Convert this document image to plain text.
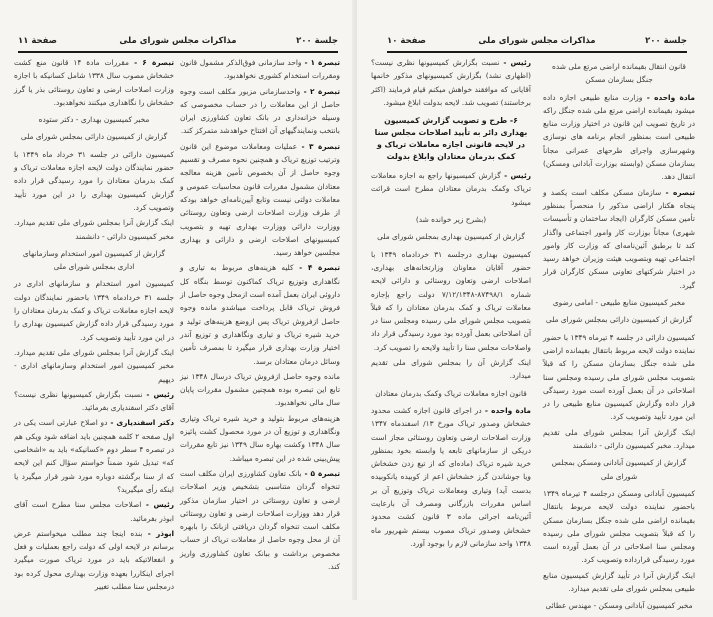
جلسة ۲۰۰
مذاکرات مجلس شورای ملی
صفحة ۱۱

تبصرة ۱ - واحد سازمانی فوق‌الذکر مشمول قانون ومقررات استخدام کشوری نخواهدبود.

تبصرة ۲ - واحدسازمانی مزبور مکلف است وجوه حاصل از این معاملات را در حساب مخصوصی که وسیله خزانه‌داری در بانک تعاون کشاورزی ایران بانتخب ونمایندگیهای آن افتتاح خواهدشد متمرکز کند.

تبصرة ۳ - عملیات ومعاملات موضوع این قانون وترتیب توزیع تریاک و همچنین نحوه مصرف و تقسیم وجوه حاصل از آن بخصوص تأمین هزینه معالجه معتادان مشمول مقررات قانون محاسبات عمومی و معاملات دولتی نیست وتابع آیین‌نامه‌ای خواهد بودکه از طرف وزارت اصلاحات ارضی وتعاون روستائی ووزارت دارائی ووزارت بهداری تهیه و بتصویب کمیسیونهای اصلاحات ارضی و دارائی و بهداری مجلسین خواهد رسید.

تبصرة ۴ - کلیه هزینه‌های مربوط به تیاری و نگاهداری وتوزیع تریاک کماکنون توسط بنگاه کل داروئی ایران بعمل آمده است ازمحل وجوه حاصل از فروش تریاک قابل پرداخت میباشدو مانده وجوه حاصل ازفروش تریاک پس ازوضع هزینه‌های تولید و خرید شیره تریاک و تیاری ونگاهداری و توزیع آندر اختیار وزارت بهداری قرار میگیرد تا بمصرف تأمین وسائل درمان معتادان برسد.

مانده وجوه حاصل ازفروش تریاک درسال ۱۳۴۸ نیز تابع این تبصره بوده همچنین مشمول مقررات پایان سال مالی نخواهدبود.

هزینه‌های مربوط بتولید و خرید شیره تریاک وتیاری ونگاهداری و توزیع آن در مورد محصول کشت پائیزه سال ۱۳۴۸ وکشت بهاره سال ۱۳۴۹ نیز تابع مقررات پیش‌بینی شده در این تبصره میباشد.

تبصرة ۵ - بانک تعاون کشاورزی ایران مکلف است تنخواه گردان متناسبی بتشخیص وزیر اصلاحات ارضی و تعاون روستائی در اختیار سازمان مذکور قرار دهد ووزارت اصلاحات ارضی و تعاون روستائی مکلف است تنخواه گردان دریافتی ازبانک را بابهره آن از محل وجوه حاصل از معاملات تریاک از حساب مخصوص برداشت و ببانک تعاون کشاورزی واریز کند.

تبصرة ۶ - مقررات مادة ۱۴ قانون منع کشت خشخاش مصوب سال ۱۳۳۸ شامل کسانیکه با اجازه وزارت اصلاحات ارضی و تعاون روستائی بذر یا گرز خشخاش را نگاهداری میکنند نخواهدبود.

مخبر کمیسیون بهداری - دکتر ستوده

گزارش از کمیسیون دارائی بمجلس شورای ملی

کمیسیون دارائی در جلسه ۳۱ خرداد ماه ۱۳۴۹ با حضور نمایندگان دولت لایحه اجازه معاملات تریاک و کمک بدرمان معتادان را مورد رسیدگی قرار داده گزارش کمیسیون بهداری را در این مورد تأیید وتصویب کرد.

اینک گزارش آنرا بمجلس شورای ملی تقدیم میدارد. مخبر کمیسیون دارائی - دانشمند

گزارش از کمیسیون امور استخدام وسازمانهای اداری بمجلس شورای ملی

کمیسیون امور استخدام و سازمانهای اداری در جلسه ۳۱ خردادماه ۱۳۴۹ باحضور نمایندگان دولت لایحه اجازه معاملات تریاک و کمک بدرمان معتادان را مورد رسیدگی قرار داده گزارش کمیسیون بهداری را در این مورد تأیید وتصویب کرد.

اینک گزارش آنرا بمجلس شورای ملی تقدیم میدارد. مخبر کمیسیون امور استخدام وسازمانهای اداری - دیهیم

رئیس - نسبت بگزارش کمیسیونها نظری نیست؟ آقای دکتر اسفندیاری بفرمائید.

دکتر اسفندیاری - دو اصلاح عبارتی است یکی در اول صفحه ۲ کلمه همچنین باید اضافه شود ویکی هم در تبصره ۴ سطر دوم «کسانیکه» باید به «اشخاصی که» تبدیل شود ضمناً خواستم سؤال کنم این لایحه که از سنا برگشته دوباره مورد شور قرار میگیرد یا اینکه رأی میگیرید؟

رئیس - اصلاحات مجلس سنا مطرح است آقای ابوذر بفرمائید.

ابوذر - بنده اینجا چند مطلب میخواستم عرض برسانم در لایحه اولی که دولت راجع بعملیات و فعل و انفعالاتیکه باید در مورد تریاک صورت میگیرد اجرای اینکاررا بعهده وزارت بهداری محول کرده بود درمجلس سنا مطلب تغییر

جلسة ۲۰۰
مذاکرات مجلس شورای ملی
صفحة ۱۰

قانون انتقال بقیمانده اراضی مرتع ملی شده جنگل بسازمان مسکن

مادة واحده - وزارت منابع طبیعی اجازه داده میشود بقیمانده اراضی مرتع ملی شده جنگل راکه در تاریخ تصویب این قانون در اختیار وزارت منابع طبیعی است بمنظور انجام برنامه های نوسازی وشهرسازی واجرای طرحهای عمرانی مجاناً بسازمان مسکن (وابسته بوزارت آبادانی ومسکن) انتقال دهد.

تبصره - سازمان مسکن مکلف است یکصد و پنجاه هکتار اراضی مذکور را منحصراً بمنظور تأمین مسکن کارگران (ایجاد ساختمان و تأسیسات شهری) مجاناً بوزارت کار وامور اجتماعی واگذار کند تا برطبق آئین‌نامه‌ای که وزارت کار وامور اجتماعی تهیه وبتصویب هیئت وزیران خواهد رسید در اختیار شرکتهای تعاونی مسکن کارگران قرار گیرد.

مخبر کمیسیون منابع طبیعی - امامی رضوی

گزارش از کمیسیون دارائی بمجلس شورای ملی

کمیسیون دارائی در جلسه ۴ تیرماه ۱۳۴۹ با حضور نماینده دولت لایحه مربوط بانتقال بقیمانده اراضی ملی شده جنگل بسازمان مسکن را که قبلاً بتصویب مجلس شورای ملی رسیده ومجلس سنا اصلاحاتی در آن بعمل آورده است مورد رسیدگی قرار داده وگزارش کمیسیون منابع طبیعی را در این مورد تأیید وتصویب کرد.

اینک گزارش آنرا بمجلس شورای ملی تقدیم میدارد. مخبر کمیسیون دارائی - دانشمند

گزارش از کمیسیون آبادانی ومسکن بمجلس شورای ملی

کمیسیون آبادانی ومسکن درجلسه ۴ تیرماه ۱۳۴۹ باحضور نماینده دولت لایحه مربوط بانتقال بقیمانده اراضی ملی شده جنگل بسازمان مسکن را که قبلاً بتصویب مجلس شورای ملی رسیده ومجلس سنا اصلاحاتی در آن بعمل آورده است مورد رسیدگی قرارداده وتصویب کرد.

اینک گزارش آنرا در تأیید گزارش کمیسیون منابع طبیعی بمجلس شورای ملی تقدیم میدارد.

مخبر کمیسیون آبادانی ومسکن - مهندس عطائی

رئیس - نسبت بگزارش کمیسیونها نظری نیست؟ (اظهاری نشد) بگزارش کمیسیونهای مذکور خانمها آقایانی که موافقند خواهش میکنم قیام فرمایند (اکثر برخاستند) تصویب شد. لایحه بدولت ابلاغ میشود.

۶- طرح و تصویب گزارش کمیسیون بهداری دائر به تأیید اصلاحات مجلس سنا در لایحه قانونی اجازه معاملات تریاک و کمک بدرمان معتادان وابلاغ بدولت

رئیس - گزارش کمیسیونها راجع به اجازه معاملات تریاک وکمک بدرمان معتادان مطرح است قرائت میشود

(بشرح زیر خوانده شد)

گزارش از کمیسیون بهداری بمجلس شورای ملی

کمیسیون بهداری درجلسه ۳۱ خردادماه ۱۳۴۹ با حضور آقایان معاونان وزارتخانه‌های بهداری، اصلاحات ارضی وتعاون روستائی و دارائی لایحه شماره ۸۷۴۹۸/۱-۷/۱۲/۱۳۴۸ دولت راجع بإجازه معاملات تریاک و کمک بدرمان معتادان را که قبلاً بتصویب مجلس شورای ملی رسیده ومجلس سنا در آن اصلاحاتی بعمل آورده بود مورد رسیدگی قرار داد واصلاحات مجلس سنا را تأیید ولایحه را تصویب کرد.

اینک گزارش آن را بمجلس شورای ملی تقدیم میدارد.

قانون اجازه معاملات تریاک وکمک بدرمان معتادان

مادة واحده - در اجرای قانون اجازه کشت محدود خشخاش وصدور تریاک مورخ ۱۳/ اسفندماه ۱۳۴۷ وزارت اصلاحات ارضی وتعاون روستائی مجاز است دریکی از سازمانهای تابعه یا وابسته بخود بمنظور خرید شیره تریاک (ماده‌ای که از تیغ زدن خشخاش ویا جوشاندن گرز خشخاش اعم از کوبیده یانکوبیده بدست آید) وتیاری ومعاملات تریاک وتوزیع آن بر اساس مقررات بازرگانی ومصرف آن بارعایت آئین‌نامه اجرائی ماده ۳ قانون کشت محدود خشخاش وصدور تریاک مصوب بیستم شهریور ماه ۱۳۴۸ واحد سازمانی لازم را بوجود آورد.
